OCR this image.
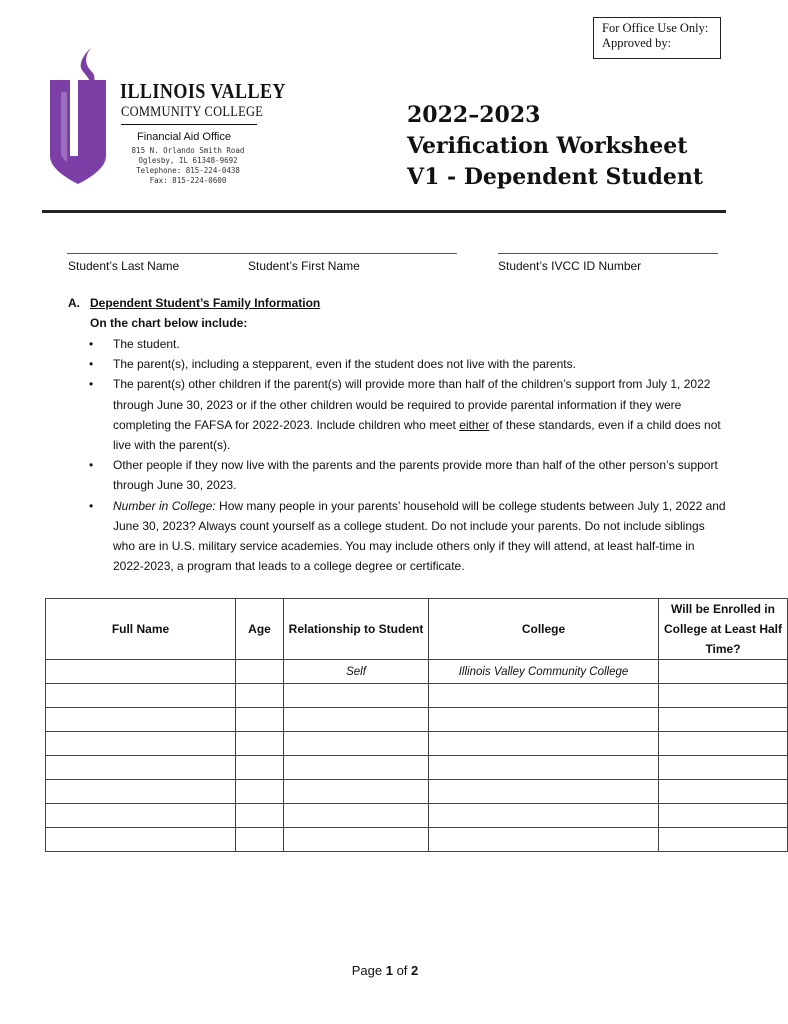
For Office Use Only:
Approved by:
ILLINOIS VALLEY
COMMUNITY COLLEGE
Financial Aid Office
815 N. Orlando Smith Road
Oglesby, IL 61348-9692
Telephone: 815-224-0438
Fax: 815-224-0600
2022–2023
Verification Worksheet
V1 - Dependent Student
Student’s Last Name	Student’s First Name	Student’s IVCC ID Number
A. Dependent Student’s Family Information
On the chart below include:
• The student.
• The parent(s), including a stepparent, even if the student does not live with the parents.
• The parent(s) other children if the parent(s) will provide more than half of the children’s support from July 1, 2022 through June 30, 2023 or if the other children would be required to provide parental information if they were completing the FAFSA for 2022-2023. Include children who meet either of these standards, even if a child does not live with the parent(s).
• Other people if they now live with the parents and the parents provide more than half of the other person’s support through June 30, 2023.
• Number in College: How many people in your parents’ household will be college students between July 1, 2022 and June 30, 2023? Always count yourself as a college student. Do not include your parents. Do not include siblings who are in U.S. military service academies. You may include others only if they will attend, at least half-time in 2022-2023, a program that leads to a college degree or certificate.
Full Name	Age	Relationship to Student	College	Will be Enrolled in College at Least Half Time?
		Self	Illinois Valley Community College	

Page 1 of 2
